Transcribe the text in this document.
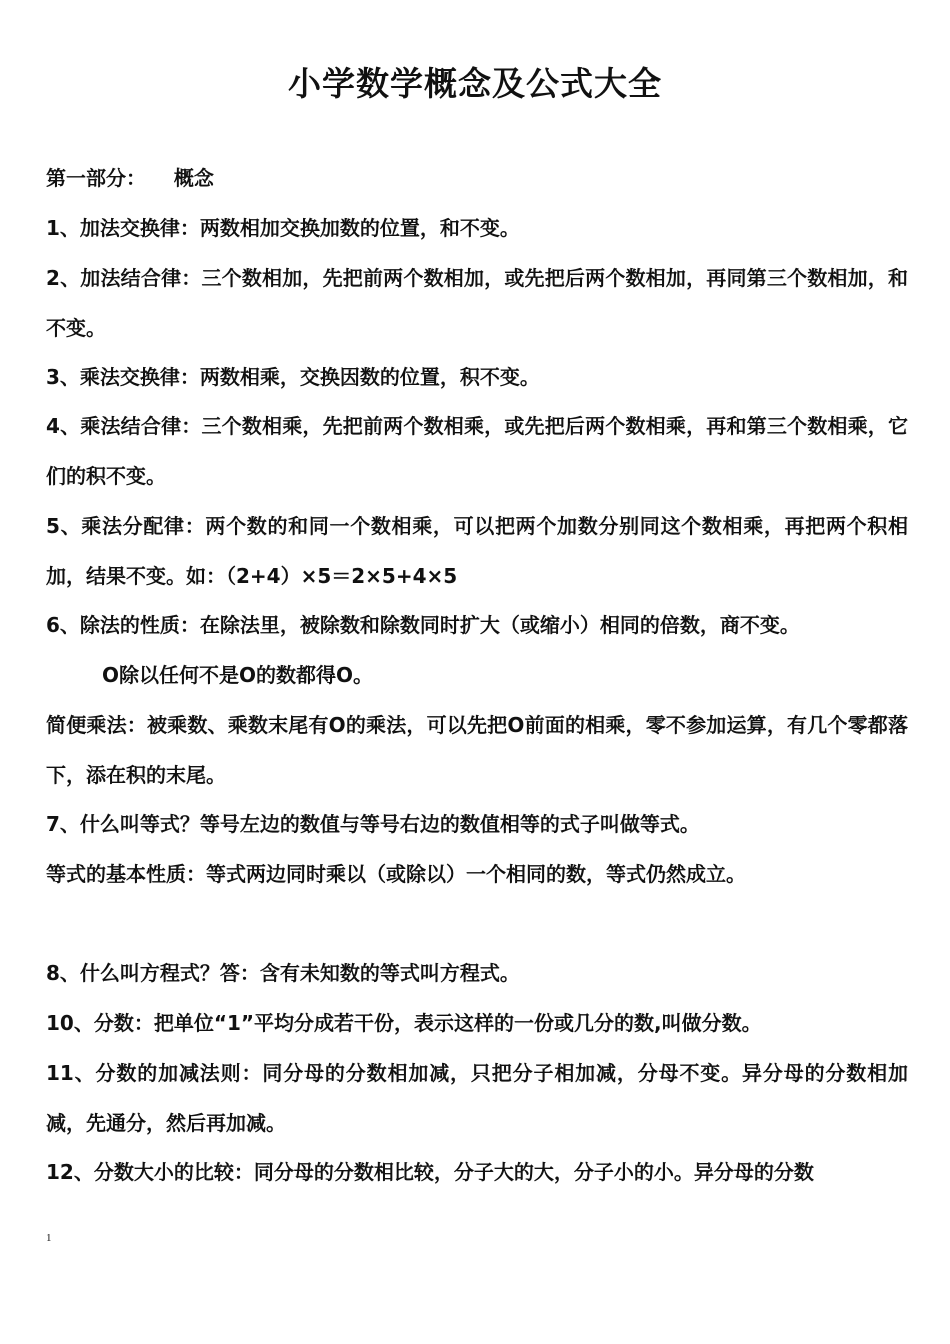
小学数学概念及公式大全
第一部分：    概念
1、加法交换律：两数相加交换加数的位置，和不变。
2、加法结合律：三个数相加，先把前两个数相加，或先把后两个数相加，再同第三个数相加，和不变。
3、乘法交换律：两数相乘，交换因数的位置，积不变。
4、乘法结合律：三个数相乘，先把前两个数相乘，或先把后两个数相乘，再和第三个数相乘，它们的积不变。
5、乘法分配律：两个数的和同一个数相乘，可以把两个加数分别同这个数相乘，再把两个积相加，结果不变。如：（2+4）×5＝2×5+4×5
6、除法的性质：在除法里，被除数和除数同时扩大（或缩小）相同的倍数，商不变。
O除以任何不是O的数都得O。
简便乘法：被乘数、乘数末尾有O的乘法，可以先把O前面的相乘，零不参加运算，有几个零都落下，添在积的末尾。
7、什么叫等式？等号左边的数值与等号右边的数值相等的式子叫做等式。
等式的基本性质：等式两边同时乘以（或除以）一个相同的数，等式仍然成立。
8、什么叫方程式？答：含有未知数的等式叫方程式。
10、分数：把单位“1”平均分成若干份，表示这样的一份或几分的数,叫做分数。
11、分数的加减法则：同分母的分数相加减，只把分子相加减，分母不变。异分母的分数相加减，先通分，然后再加减。
12、分数大小的比较：同分母的分数相比较，分子大的大，分子小的小。异分母的分数
1
